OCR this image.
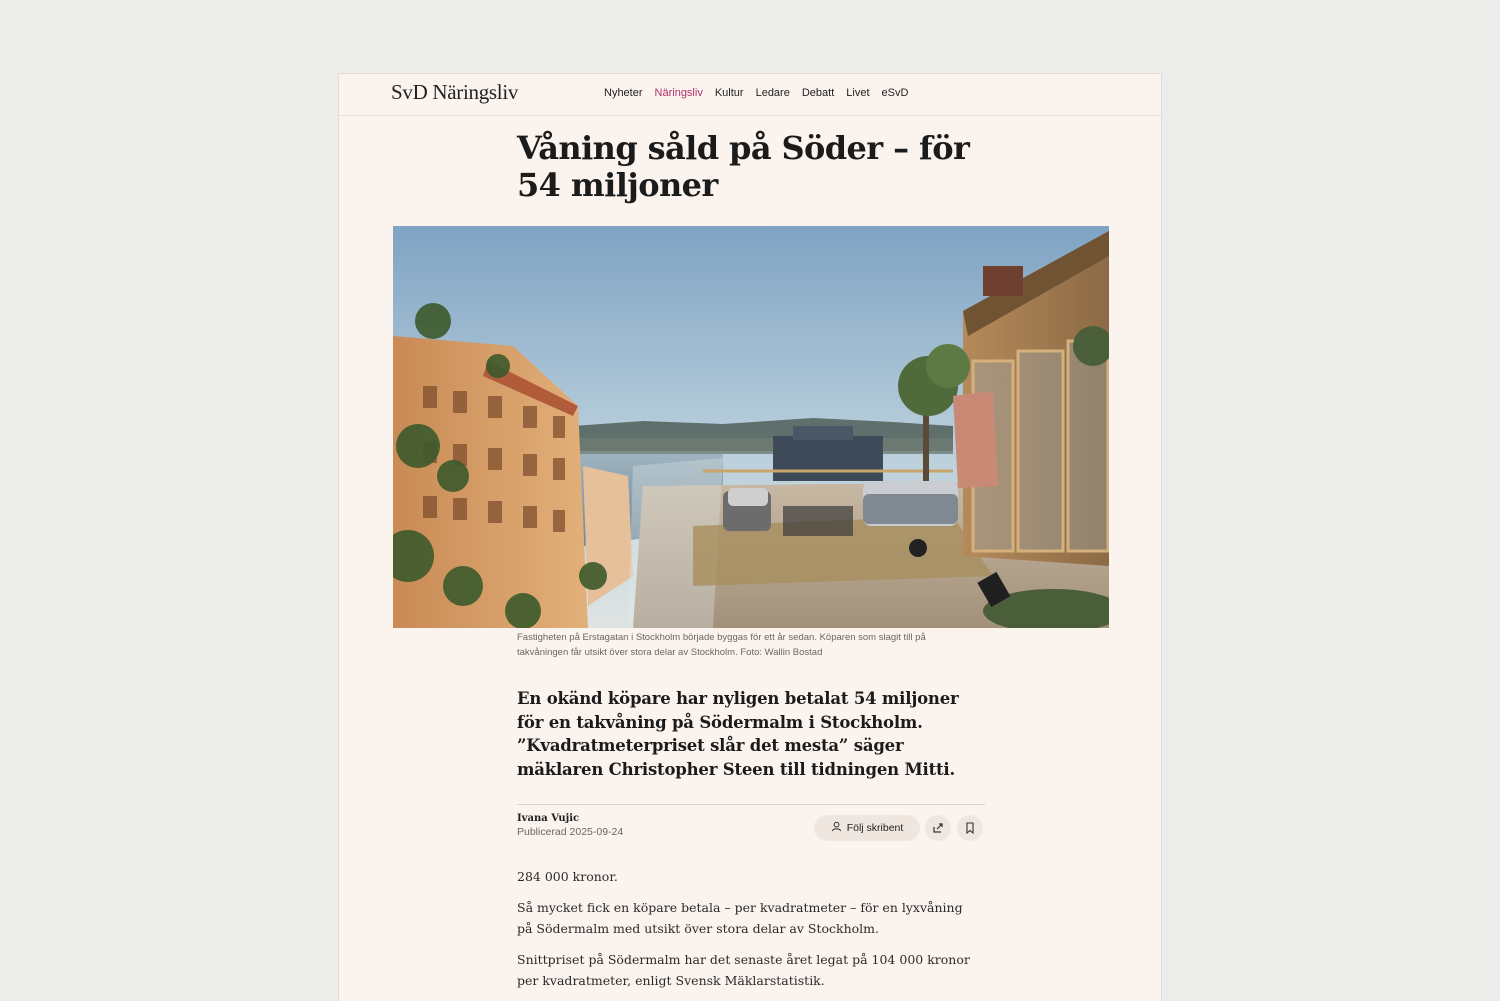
SvD Näringsliv	Nyheter Näringsliv Kultur Ledare Debatt Livet eSvD
Våning såld på Söder – för 54 miljoner

Fastigheten på Erstagatan i Stockholm började byggas för ett år sedan. Köparen som slagit till på takvåningen får utsikt över stora delar av Stockholm. Foto: Wallin Bostad

En okänd köpare har nyligen betalat 54 miljoner för en takvåning på Södermalm i Stockholm. ”Kvadratmeterpriset slår det mesta” säger mäklaren Christopher Steen till tidningen Mitti.

Ivana Vujic
Publicerad 2025-09-24	Följ skribent

284 000 kronor.

Så mycket fick en köpare betala – per kvadratmeter – för en lyxvåning på Södermalm med utsikt över stora delar av Stockholm.

Snittpriset på Södermalm har det senaste året legat på 104 000 kronor per kvadratmeter, enligt Svensk Mäklarstatistik.
